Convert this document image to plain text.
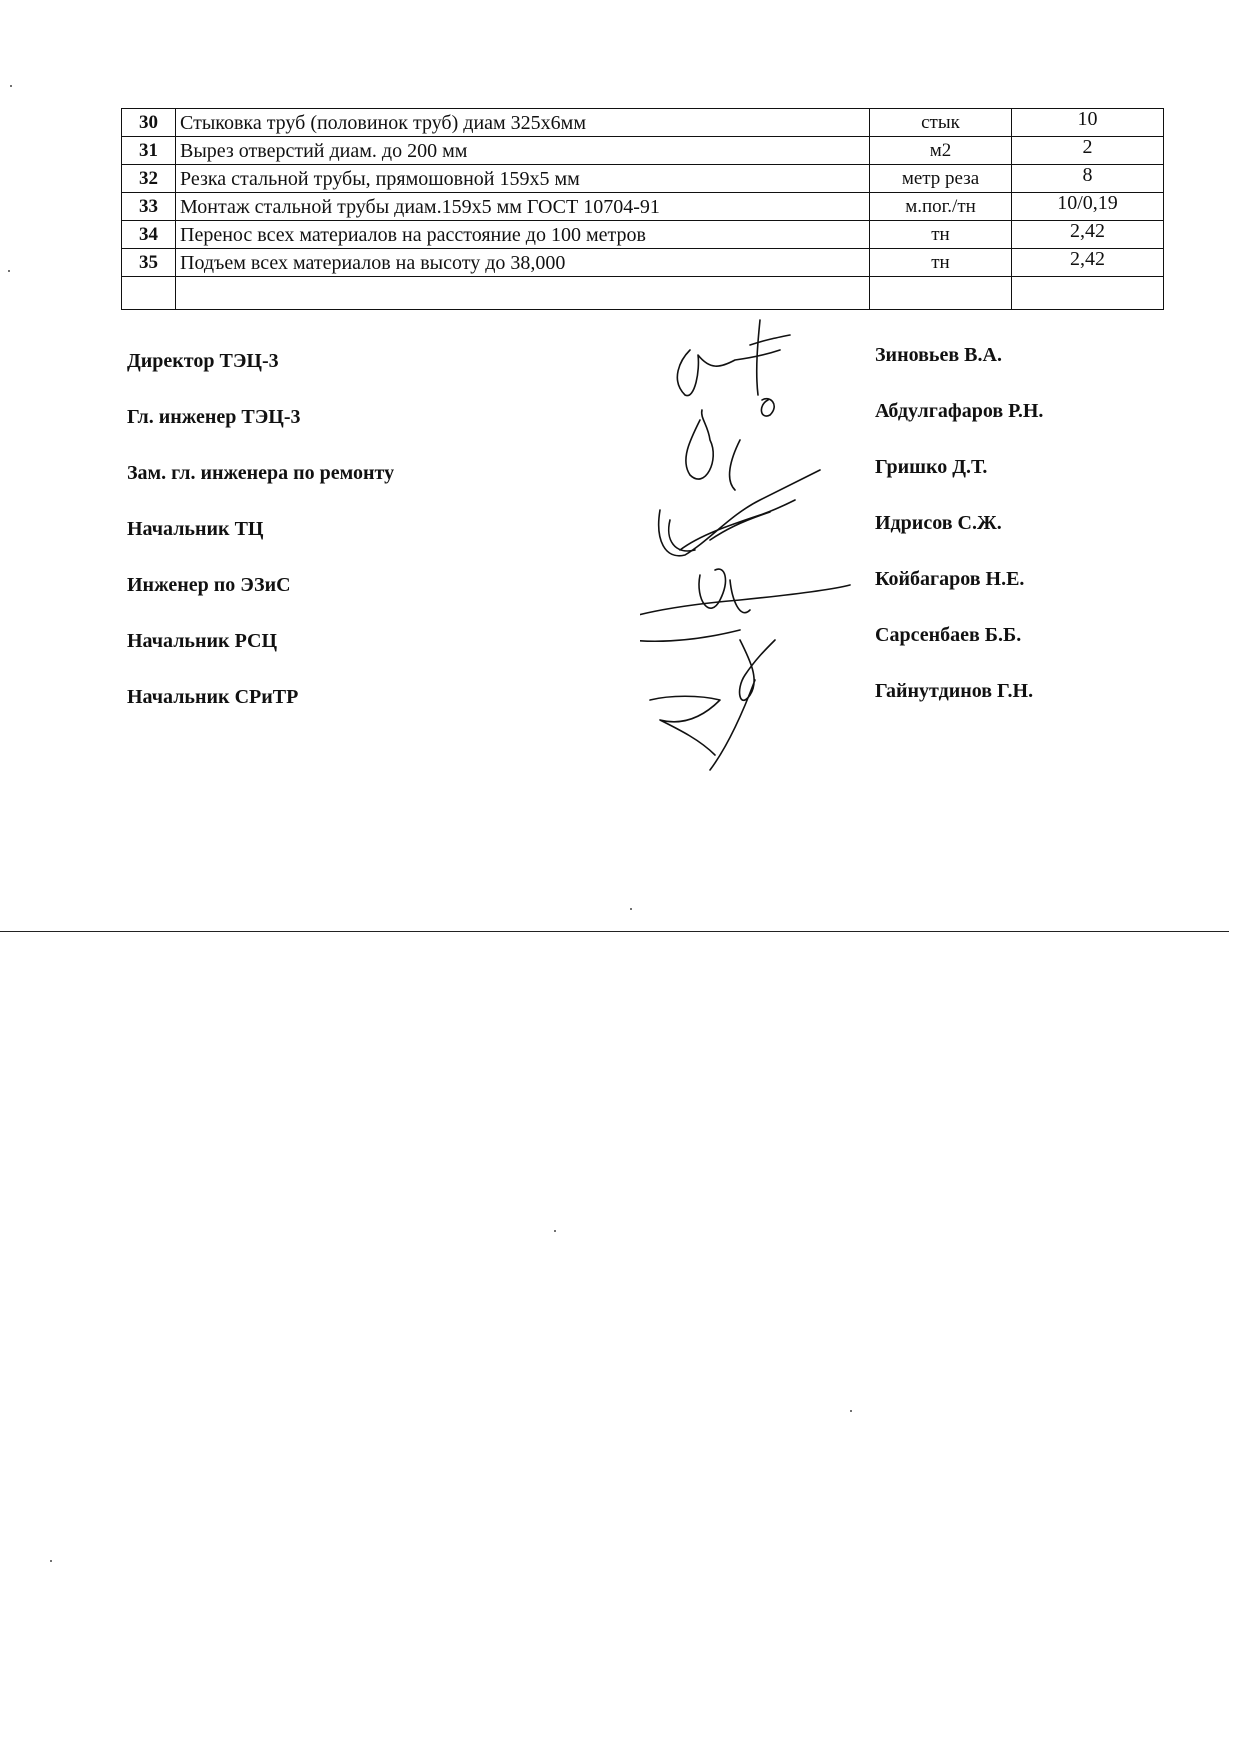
30	Стыковка труб (половинок труб) диам 325х6мм	стык	10
31	Вырез отверстий диам. до 200 мм	м2	2
32	Резка стальной трубы, прямошовной 159х5 мм	метр реза	8
33	Монтаж стальной трубы диам.159х5 мм ГОСТ 10704-91	м.пог./тн	10/0,19
34	Перенос всех материалов на расстояние до 100 метров	тн	2,42
35	Подъем всех материалов на высоту до 38,000	тн	2,42

Директор ТЭЦ-3	Зиновьев В.А.
Гл. инженер ТЭЦ-3	Абдулгафаров Р.Н.
Зам. гл. инженера по ремонту	Гришко Д.Т.
Начальник ТЦ	Идрисов С.Ж.
Инженер по ЭЗиС	Койбагаров Н.Е.
Начальник РСЦ	Сарсенбаев Б.Б.
Начальник СРиТР	Гайнутдинов Г.Н.
